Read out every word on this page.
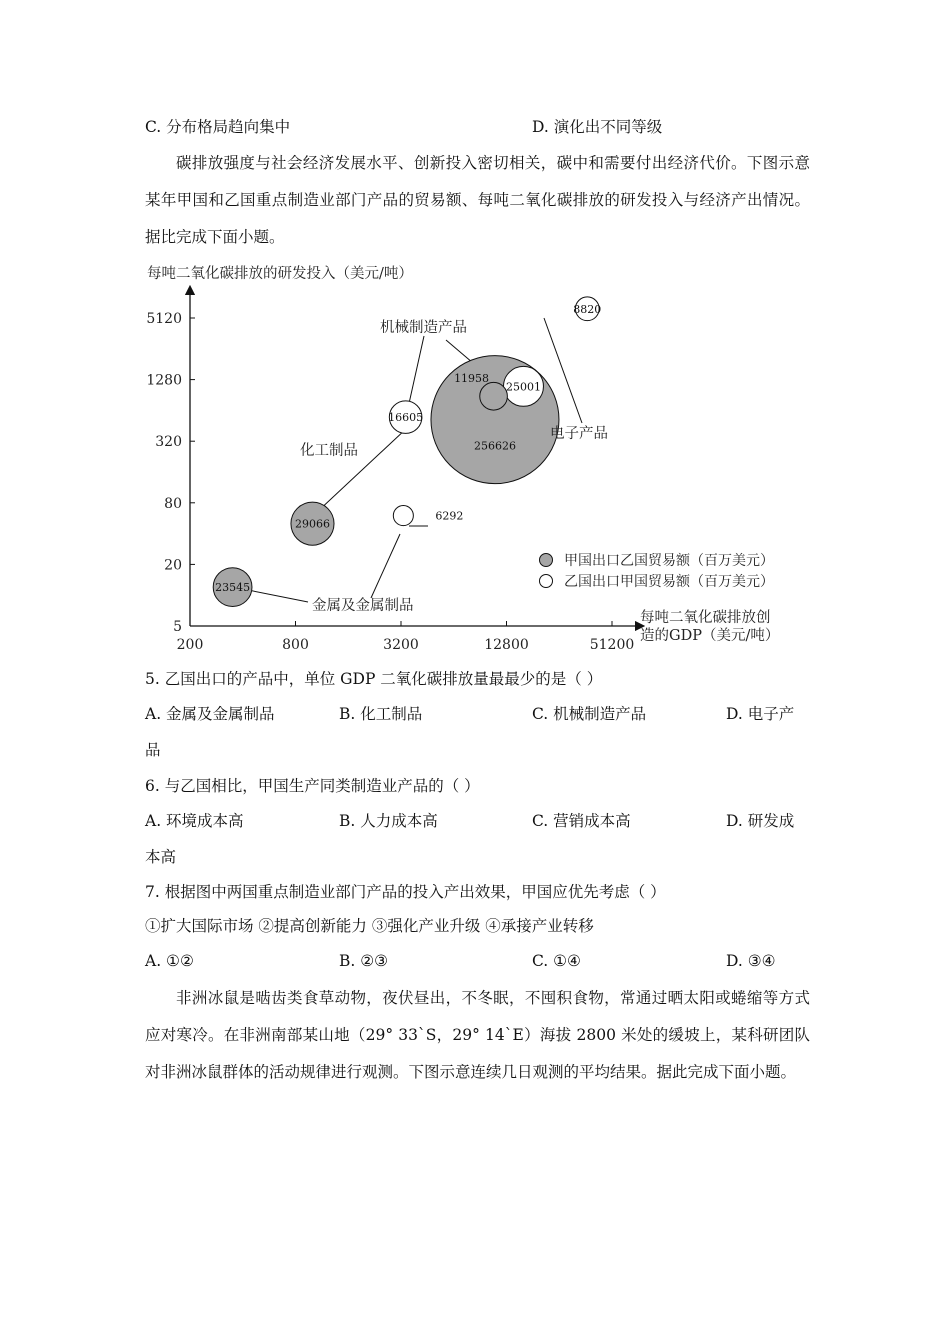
C. 分布格局趋向集中	D. 演化出不同等级
碳排放强度与社会经济发展水平、创新投入密切相关，碳中和需要付出经济代价。下图示意某年甲国和乙国重点制造业部门产品的贸易额、每吨二氧化碳排放的研发投入与经济产出情况。据比完成下面小题。
每吨二氧化碳排放的研发投入（美元/吨）
5
20
80
320
1280
5120
200	800	3200	12800	51200
每吨二氧化碳排放创
造的GDP（美元/吨）
256626
29066
25001
23545
16605
11958
8820
6292
机械制造产品
化工制品
金属及金属制品
电子产品
甲国出口乙国贸易额（百万美元）
乙国出口甲国贸易额（百万美元）
5. 乙国出口的产品中，单位 GDP 二氧化碳排放量最最少的是（ ）
A. 金属及金属制品	B. 化工制品	C. 机械制造产品	D. 电子产
品
6. 与乙国相比，甲国生产同类制造业产品的（ ）
A. 环境成本高	B. 人力成本高	C. 营销成本高	D. 研发成
本高
7. 根据图中两国重点制造业部门产品的投入产出效果，甲国应优先考虑（ ）
①扩大国际市场 ②提高创新能力 ③强化产业升级 ④承接产业转移
A. ①②	B. ②③	C. ①④	D. ③④
非洲冰鼠是啮齿类食草动物，夜伏昼出，不冬眠，不囤积食物，常通过晒太阳或蜷缩等方式应对寒冷。在非洲南部某山地（29° 33`S，29° 14`E）海拔 2800 米处的缓坡上，某科研团队对非洲冰鼠群体的活动规律进行观测。下图示意连续几日观测的平均结果。据此完成下面小题。
